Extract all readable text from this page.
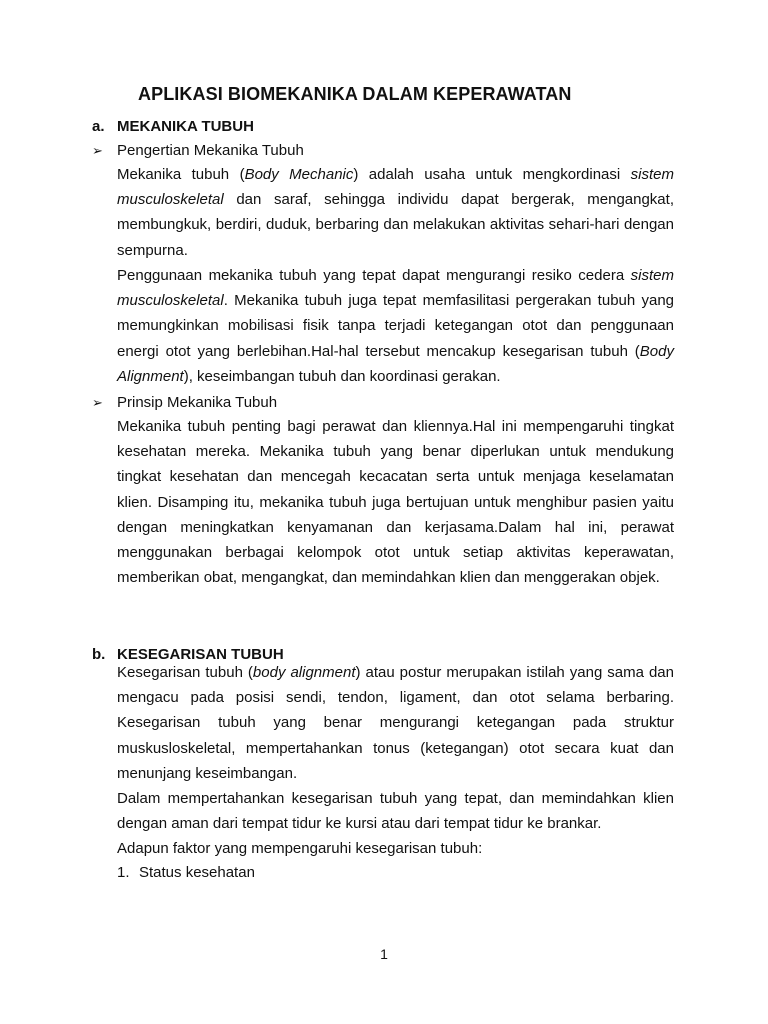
APLIKASI BIOMEKANIKA DALAM KEPERAWATAN
a. MEKANIKA TUBUH
➢ Pengertian Mekanika Tubuh

Mekanika tubuh (Body Mechanic) adalah usaha untuk mengkordinasi sistem musculoskeletal dan saraf, sehingga individu dapat bergerak, mengangkat, membungkuk, berdiri, duduk, berbaring dan melakukan aktivitas sehari-hari dengan sempurna.

Penggunaan mekanika tubuh yang tepat dapat mengurangi resiko cedera sistem musculoskeletal. Mekanika tubuh juga tepat memfasilitasi pergerakan tubuh yang memungkinkan mobilisasi fisik tanpa terjadi ketegangan otot dan penggunaan energi otot yang berlebihan.Hal-hal tersebut mencakup kesegarisan tubuh (Body Alignment), keseimbangan tubuh dan koordinasi gerakan.

➢ Prinsip Mekanika Tubuh

Mekanika tubuh penting bagi perawat dan kliennya.Hal ini mempengaruhi tingkat kesehatan mereka. Mekanika tubuh yang benar diperlukan untuk mendukung tingkat kesehatan dan mencegah kecacatan serta untuk menjaga keselamatan klien. Disamping itu, mekanika tubuh juga bertujuan untuk menghibur pasien yaitu dengan meningkatkan kenyamanan dan kerjasama.Dalam hal ini, perawat menggunakan berbagai kelompok otot untuk setiap aktivitas keperawatan, memberikan obat, mengangkat, dan memindahkan klien dan menggerakan objek.

b. KESEGARISAN TUBUH

Kesegarisan tubuh (body alignment) atau postur merupakan istilah yang sama dan mengacu pada posisi sendi, tendon, ligament, dan otot selama berbaring. Kesegarisan tubuh yang benar mengurangi ketegangan pada struktur muskusloskeletal, mempertahankan tonus (ketegangan) otot secara kuat dan menunjang keseimbangan.

Dalam mempertahankan kesegarisan tubuh yang tepat, dan memindahkan klien dengan aman dari tempat tidur ke kursi atau dari tempat tidur ke brankar.

Adapun faktor yang mempengaruhi kesegarisan tubuh:

1. Status kesehatan
1
